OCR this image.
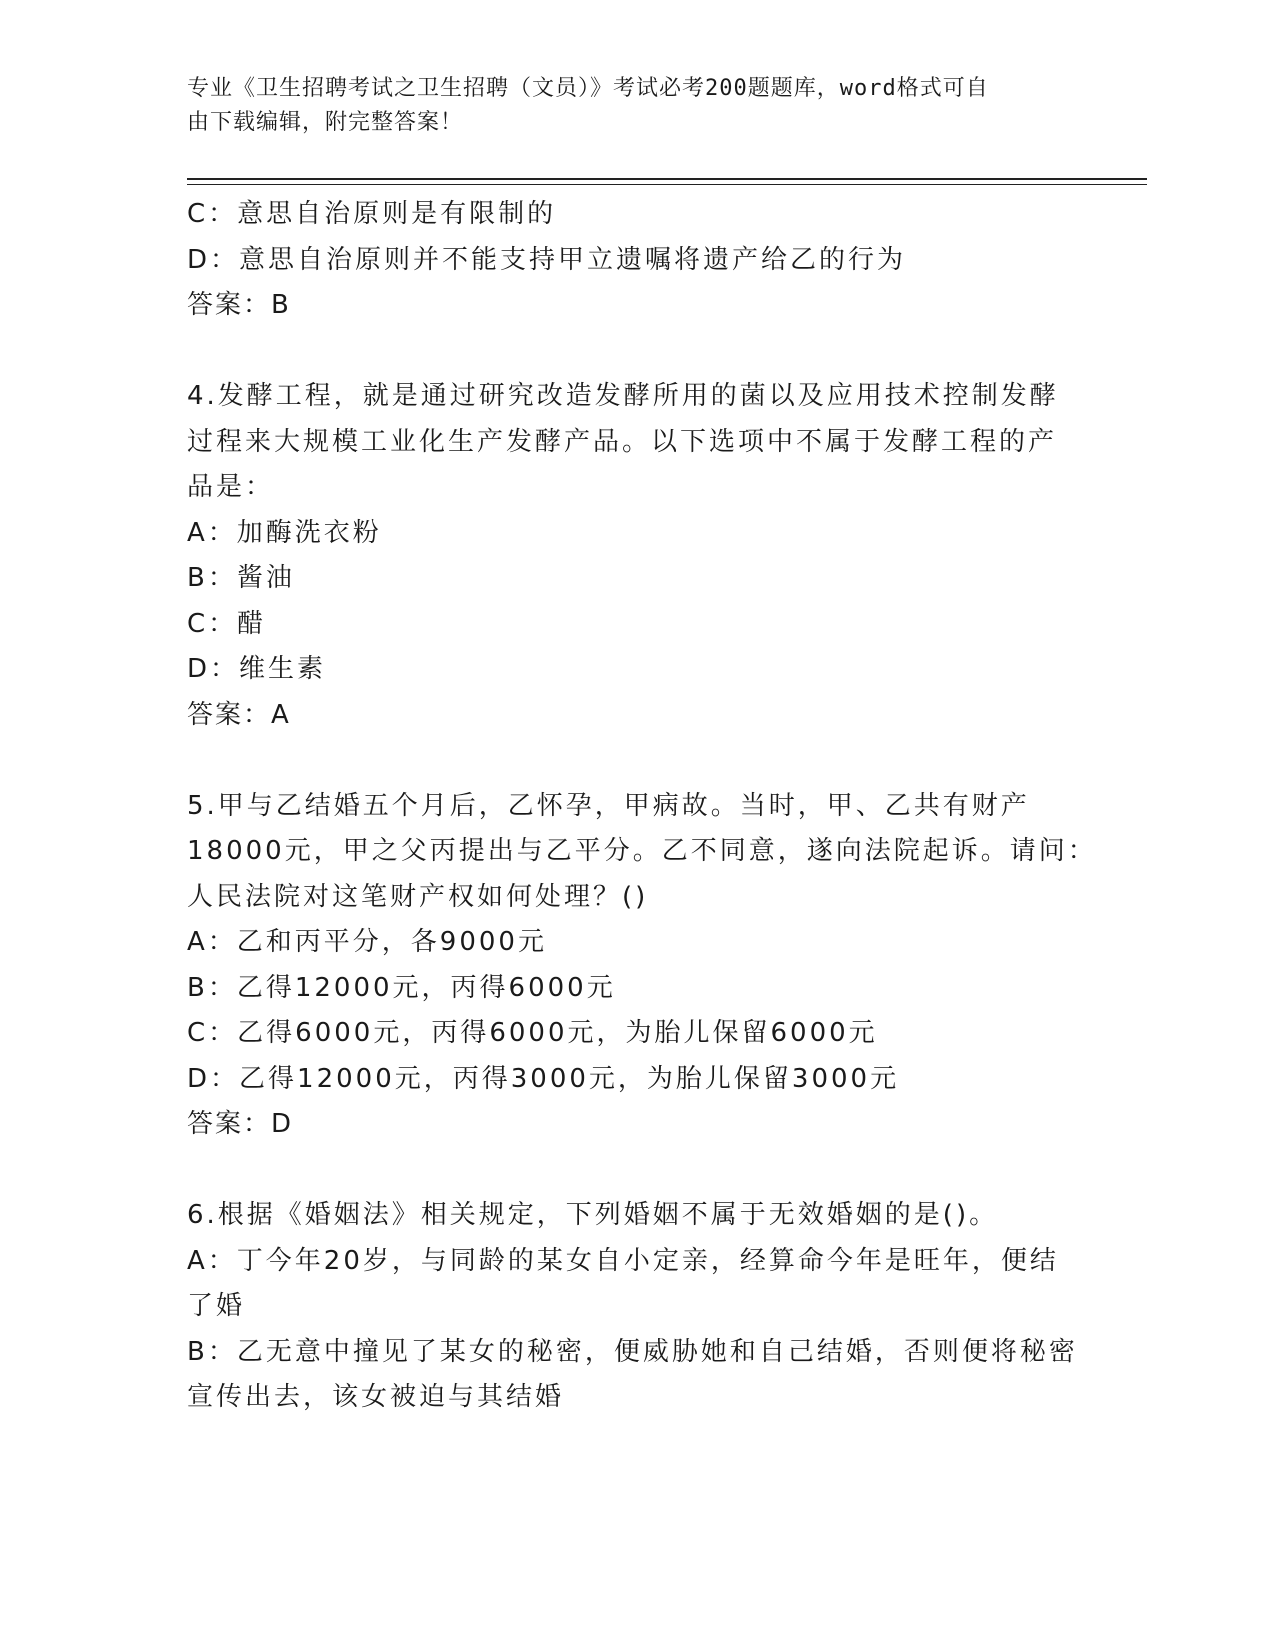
专业《卫生招聘考试之卫生招聘（文员）》考试必考200题题库，word格式可自
由下载编辑，附完整答案！
C：意思自治原则是有限制的
D：意思自治原则并不能支持甲立遗嘱将遗产给乙的行为
答案：B
4.发酵工程，就是通过研究改造发酵所用的菌以及应用技术控制发酵
过程来大规模工业化生产发酵产品。以下选项中不属于发酵工程的产
品是：
A：加酶洗衣粉
B：酱油
C：醋
D：维生素
答案：A
5.甲与乙结婚五个月后，乙怀孕，甲病故。当时，甲、乙共有财产
18000元，甲之父丙提出与乙平分。乙不同意，遂向法院起诉。请问：
人民法院对这笔财产权如何处理？()
A：乙和丙平分，各9000元
B：乙得12000元，丙得6000元
C：乙得6000元，丙得6000元，为胎儿保留6000元
D：乙得12000元，丙得3000元，为胎儿保留3000元
答案：D
6.根据《婚姻法》相关规定，下列婚姻不属于无效婚姻的是()。
A：丁今年20岁，与同龄的某女自小定亲，经算命今年是旺年，便结
了婚
B：乙无意中撞见了某女的秘密，便威胁她和自己结婚，否则便将秘密
宣传出去，该女被迫与其结婚
